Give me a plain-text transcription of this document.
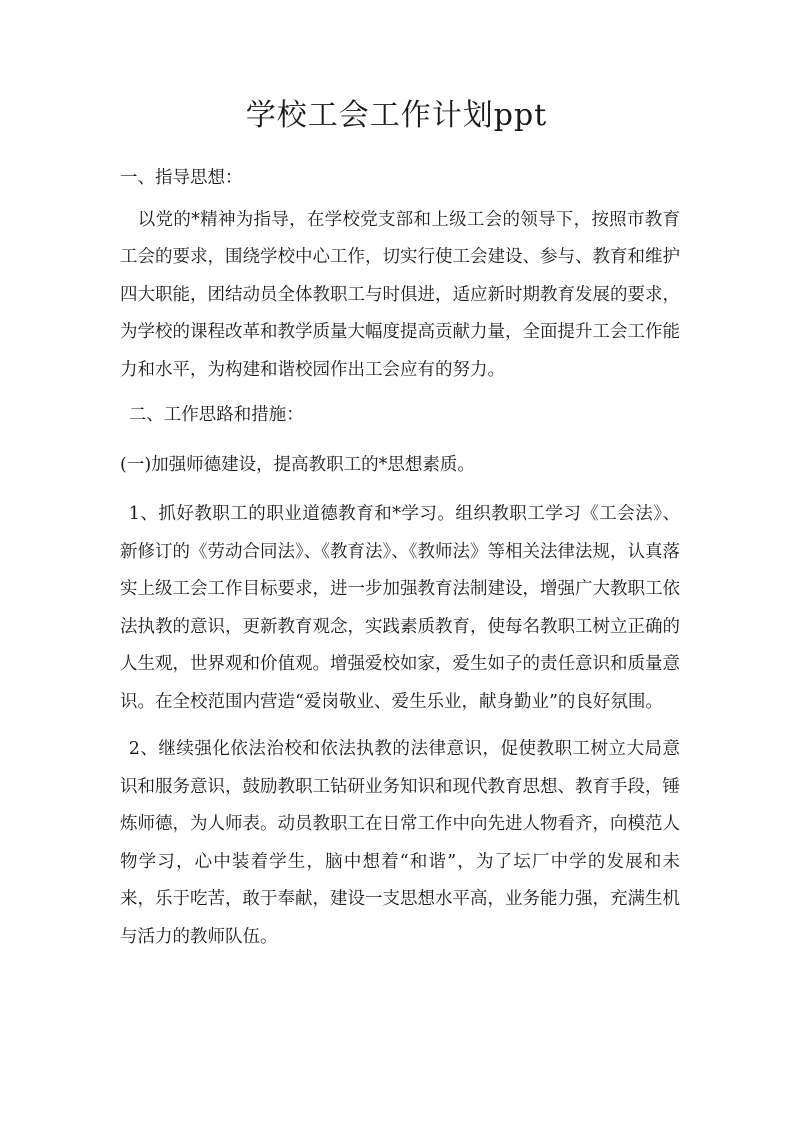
学校工会工作计划ppt

一、指导思想：

 以党的*精神为指导，在学校党支部和上级工会的领导下，按照市教育工会的要求，围绕学校中心工作，切实行使工会建设、参与、教育和维护四大职能，团结动员全体教职工与时俱进，适应新时期教育发展的要求，为学校的课程改革和教学质量大幅度提高贡献力量，全面提升工会工作能力和水平，为构建和谐校园作出工会应有的努力。

 二、工作思路和措施：

(一)加强师德建设，提高教职工的*思想素质。

 1、抓好教职工的职业道德教育和*学习。组织教职工学习《工会法》、新修订的《劳动合同法》、《教育法》、《教师法》等相关法律法规，认真落实上级工会工作目标要求，进一步加强教育法制建设，增强广大教职工依法执教的意识，更新教育观念，实践素质教育，使每名教职工树立正确的人生观，世界观和价值观。增强爱校如家，爱生如子的责任意识和质量意识。在全校范围内营造“爱岗敬业、爱生乐业，献身勤业”的良好氛围。

 2、继续强化依法治校和依法执教的法律意识，促使教职工树立大局意识和服务意识，鼓励教职工钻研业务知识和现代教育思想、教育手段，锤炼师德，为人师表。动员教职工在日常工作中向先进人物看齐，向模范人物学习，心中装着学生，脑中想着“和谐”，为了坛厂中学的发展和未来，乐于吃苦，敢于奉献，建设一支思想水平高，业务能力强，充满生机与活力的教师队伍。
